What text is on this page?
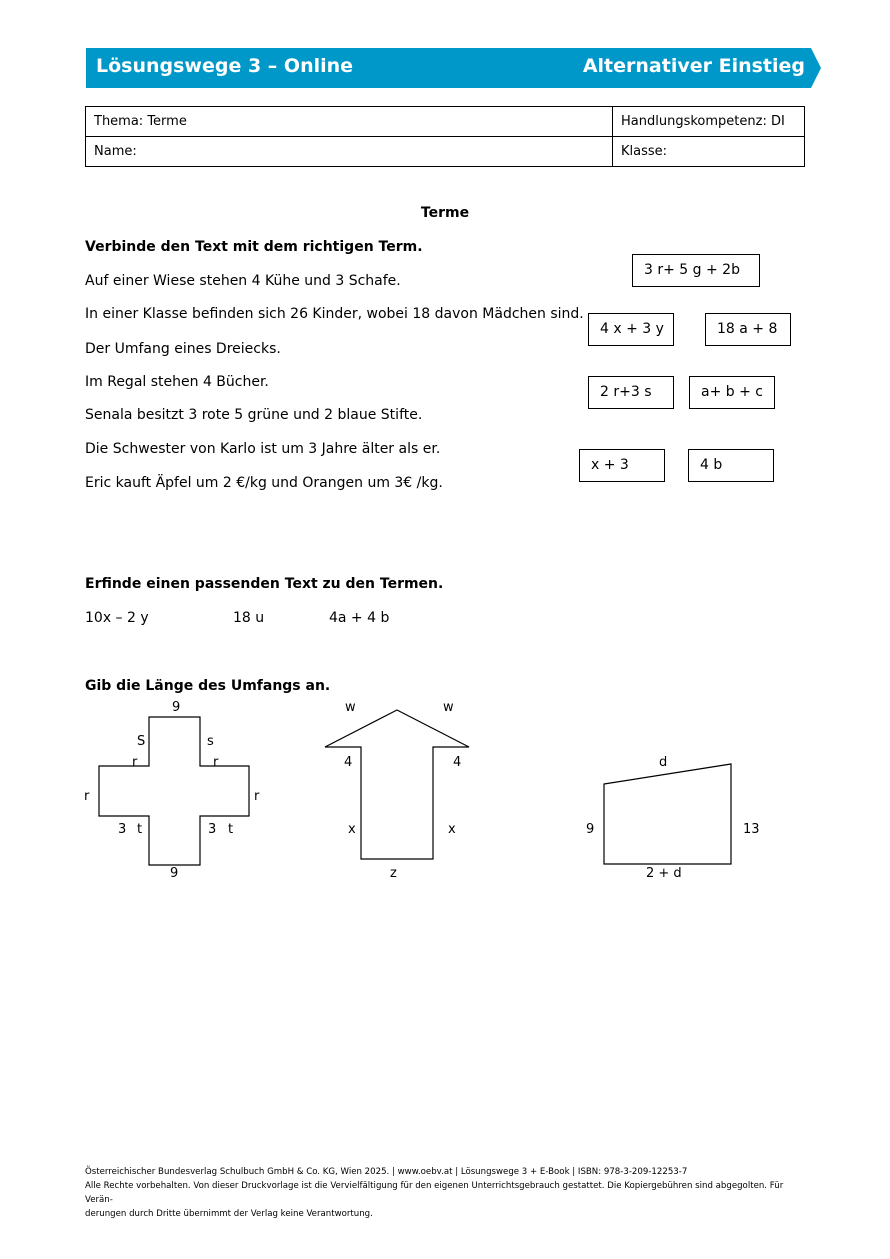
Lösungswege 3 – Online	Alternativer Einstieg
Thema: Terme	Handlungskompetenz: DI
Name:	Klasse:
Terme
Verbinde den Text mit dem richtigen Term.
Auf einer Wiese stehen 4 Kühe und 3 Schafe.
In einer Klasse befinden sich 26 Kinder, wobei 18 davon Mädchen sind.
Der Umfang eines Dreiecks.
Im Regal stehen 4 Bücher.
Senala besitzt 3 rote 5 grüne und 2 blaue Stifte.
Die Schwester von Karlo ist um 3 Jahre älter als er.
Eric kauft Äpfel um 2 €/kg und Orangen um 3€ /kg.
3 r+ 5 g + 2b
4 x + 3 y	18 a + 8
2 r+3 s	a+ b + c
x + 3	4 b
Erfinde einen passenden Text zu den Termen.
10x – 2 y	18 u	4a + 4 b
Gib die Länge des Umfangs an.
9
S	s
r	r
r	r
3 t	3 t
9
w	w
4	4
x	x
z
d
9	13
2 + d
Österreichischer Bundesverlag Schulbuch GmbH & Co. KG, Wien 2025. | www.oebv.at | Lösungswege 3 + E-Book | ISBN: 978-3-209-12253-7
Alle Rechte vorbehalten. Von dieser Druckvorlage ist die Vervielfältigung für den eigenen Unterrichtsgebrauch gestattet. Die Kopiergebühren sind abgegolten. Für Verän-
derungen durch Dritte übernimmt der Verlag keine Verantwortung.
